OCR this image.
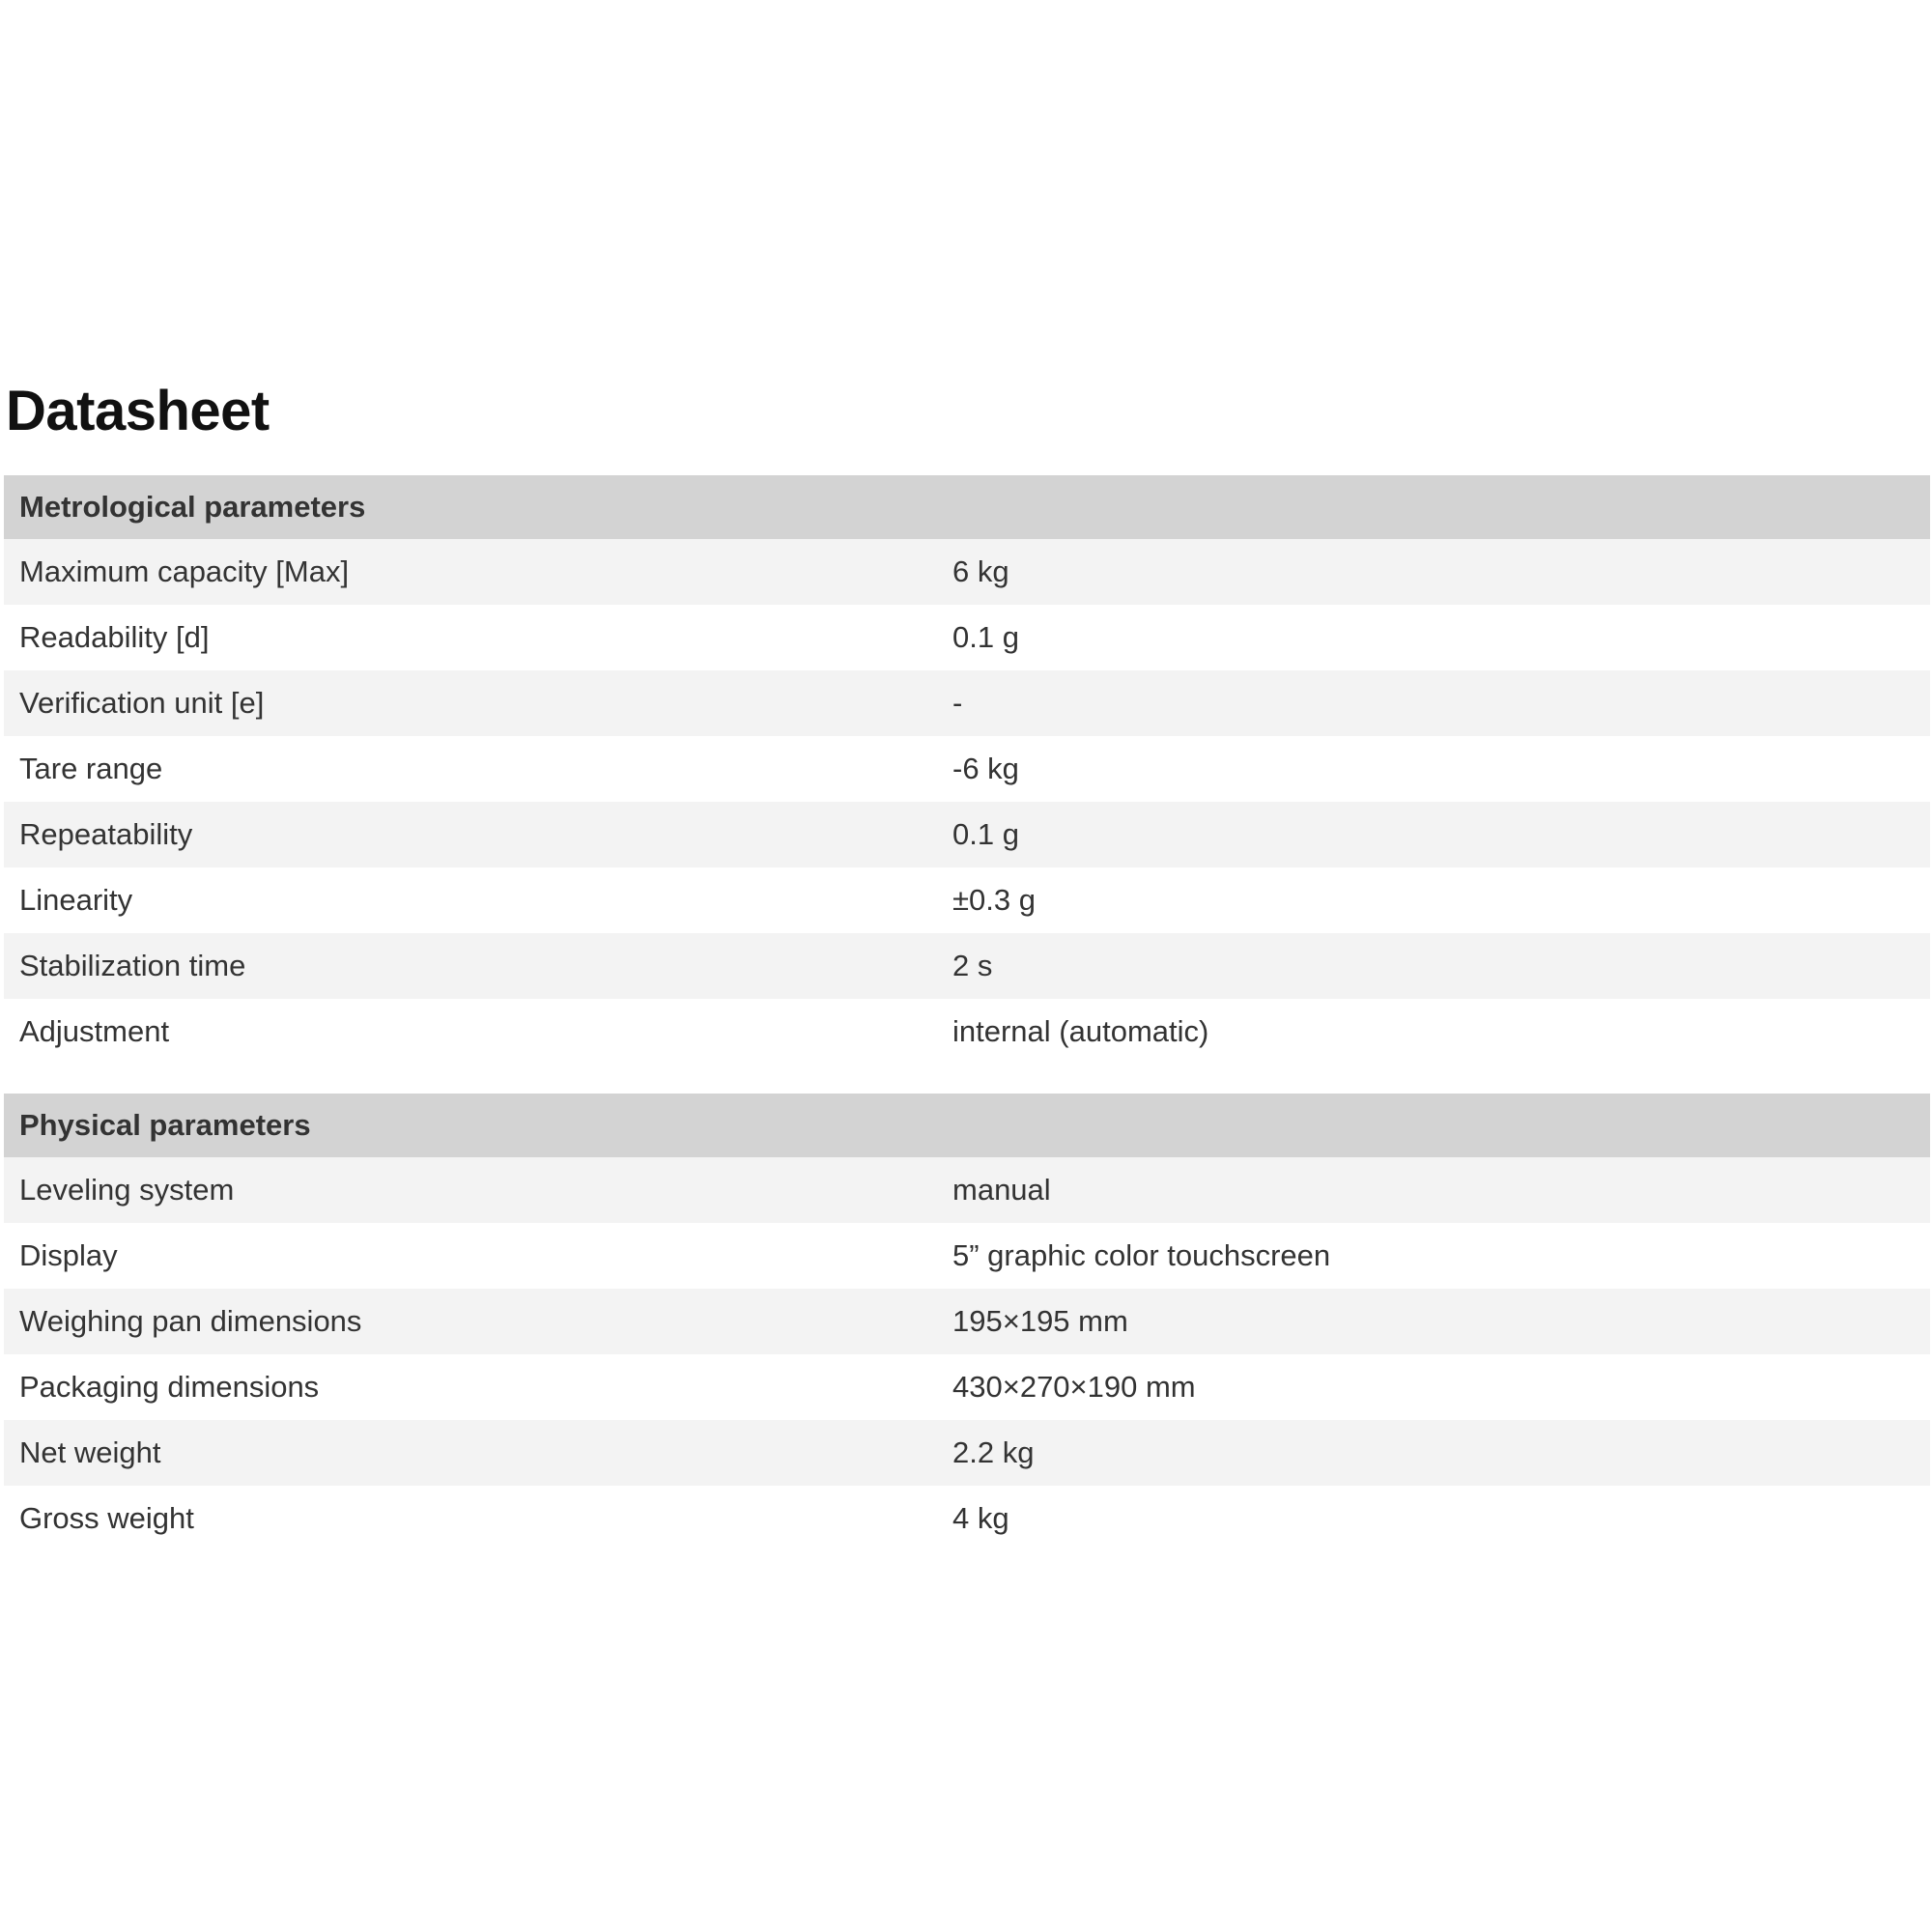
Datasheet
Metrological parameters
Maximum capacity [Max]	6 kg
Readability [d]	0.1 g
Verification unit [e]	-
Tare range	-6 kg
Repeatability	0.1 g
Linearity	±0.3 g
Stabilization time	2 s
Adjustment	internal (automatic)
Physical parameters
Leveling system	manual
Display	5” graphic color touchscreen
Weighing pan dimensions	195×195 mm
Packaging dimensions	430×270×190 mm
Net weight	2.2 kg
Gross weight	4 kg
